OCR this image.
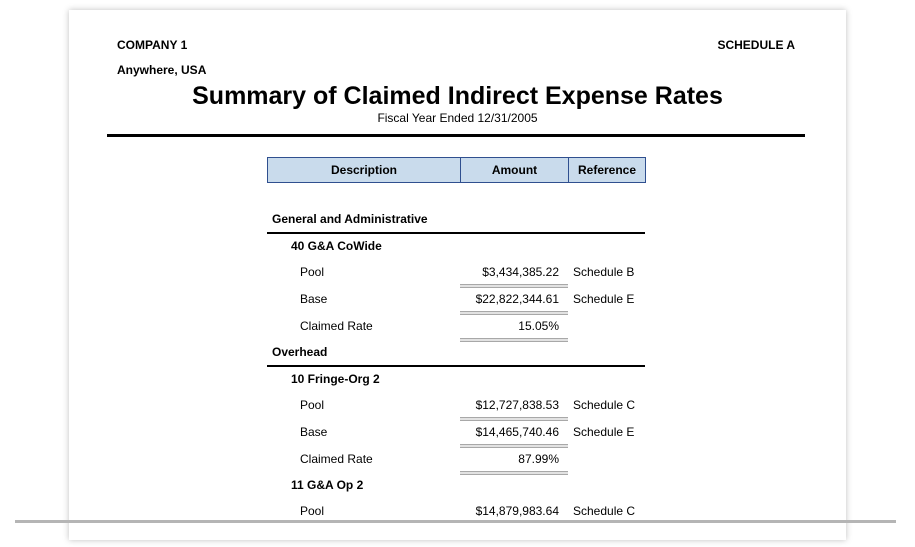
COMPANY 1	SCHEDULE A
Anywhere, USA
Summary of Claimed Indirect Expense Rates
Fiscal Year Ended 12/31/2005
Description	Amount	Reference
General and Administrative
40 G&A CoWide
Pool	$3,434,385.22	Schedule B
Base	$22,822,344.61	Schedule E
Claimed Rate	15.05%
Overhead
10 Fringe-Org 2
Pool	$12,727,838.53	Schedule C
Base	$14,465,740.46	Schedule E
Claimed Rate	87.99%
11 G&A Op 2
Pool	$14,879,983.64	Schedule C
